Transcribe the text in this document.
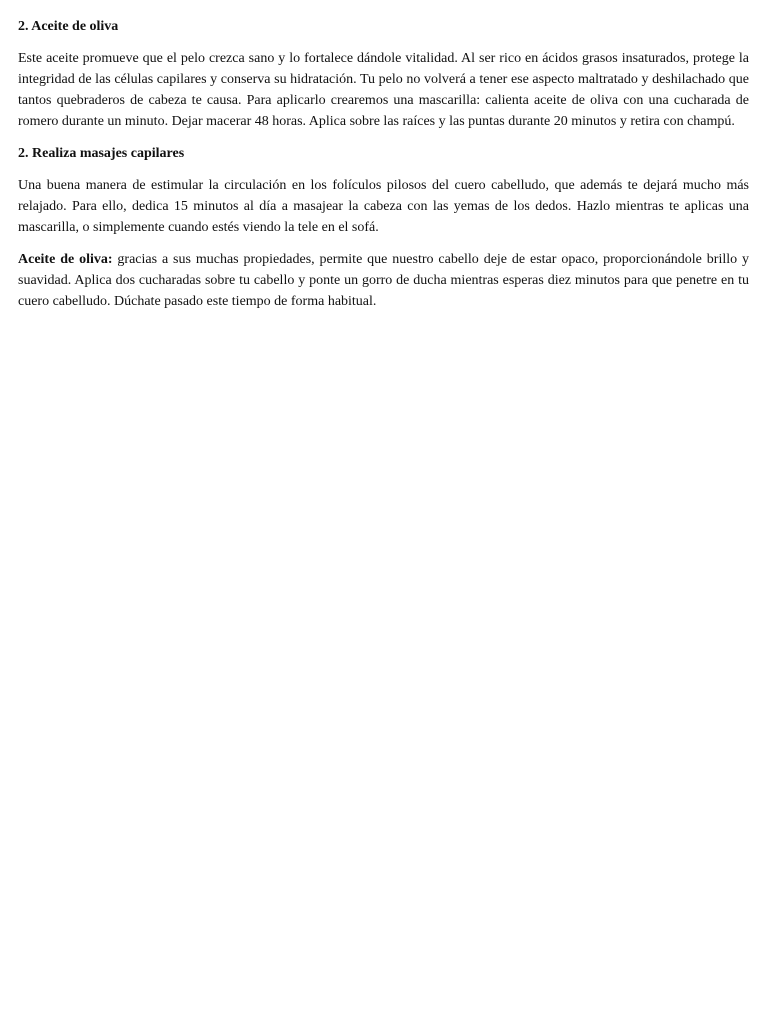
2. Aceite de oliva

Este aceite promueve que el pelo crezca sano y lo fortalece dándole vitalidad. Al ser rico en ácidos grasos insaturados, protege la integridad de las células capilares y conserva su hidratación. Tu pelo no volverá a tener ese aspecto maltratado y deshilachado que tantos quebraderos de cabeza te causa. Para aplicarlo crearemos una mascarilla: calienta aceite de oliva con una cucharada de romero durante un minuto. Dejar macerar 48 horas. Aplica sobre las raíces y las puntas durante 20 minutos y retira con champú.

2. Realiza masajes capilares

Una buena manera de estimular la circulación en los folículos pilosos del cuero cabelludo, que además te dejará mucho más relajado. Para ello, dedica 15 minutos al día a masajear la cabeza con las yemas de los dedos. Hazlo mientras te aplicas una mascarilla, o simplemente cuando estés viendo la tele en el sofá.

Aceite de oliva: gracias a sus muchas propiedades, permite que nuestro cabello deje de estar opaco, proporcionándole brillo y suavidad. Aplica dos cucharadas sobre tu cabello y ponte un gorro de ducha mientras esperas diez minutos para que penetre en tu cuero cabelludo. Dúchate pasado este tiempo de forma habitual.
